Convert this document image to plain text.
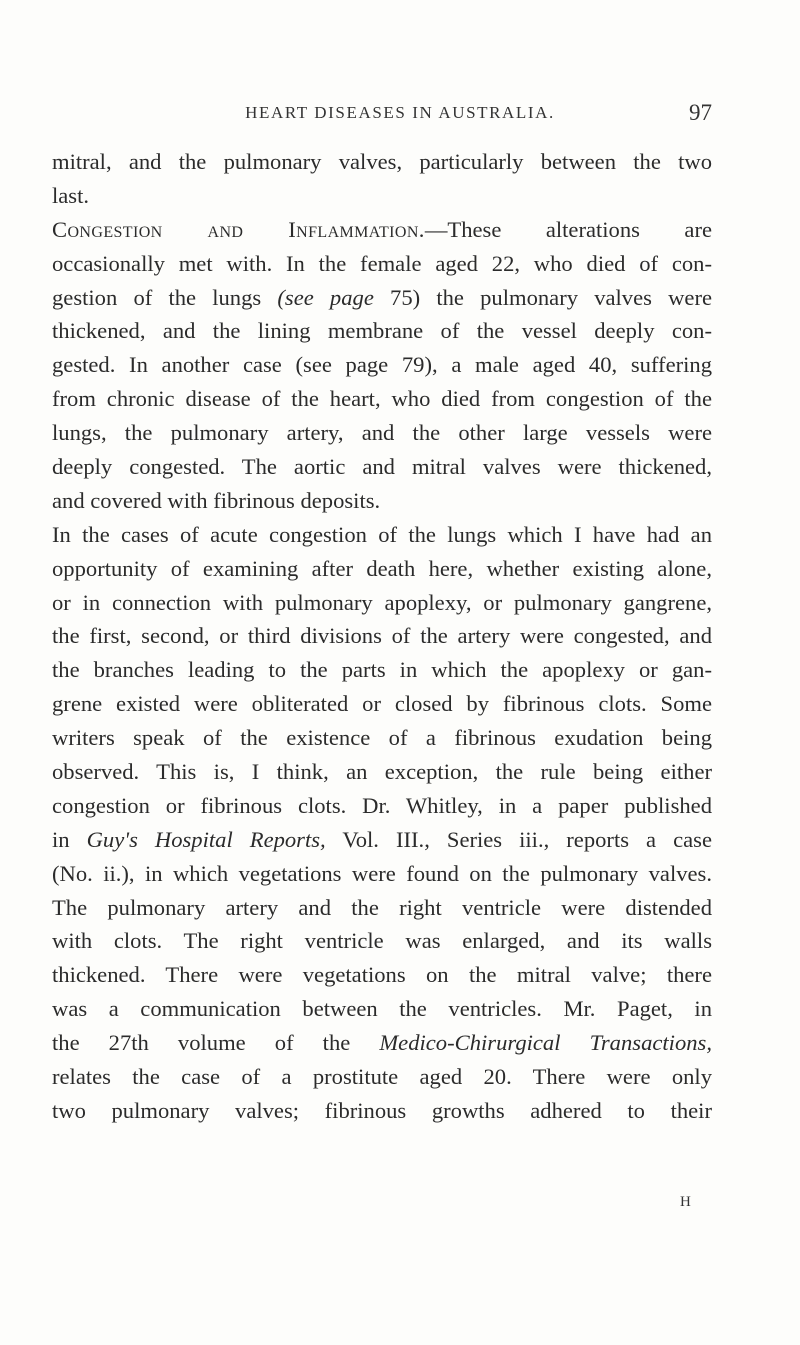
HEART DISEASES IN AUSTRALIA.	97
mitral, and the pulmonary valves, particularly between the two
last.
Congestion and Inflammation.—These alterations are
occasionally met with. In the female aged 22, who died of con-
gestion of the lungs (see page 75) the pulmonary valves were
thickened, and the lining membrane of the vessel deeply con-
gested. In another case (see page 79), a male aged 40, suffering
from chronic disease of the heart, who died from congestion of the
lungs, the pulmonary artery, and the other large vessels were
deeply congested. The aortic and mitral valves were thickened,
and covered with fibrinous deposits.
In the cases of acute congestion of the lungs which I have had an
opportunity of examining after death here, whether existing alone,
or in connection with pulmonary apoplexy, or pulmonary gangrene,
the first, second, or third divisions of the artery were congested, and
the branches leading to the parts in which the apoplexy or gan-
grene existed were obliterated or closed by fibrinous clots. Some
writers speak of the existence of a fibrinous exudation being
observed. This is, I think, an exception, the rule being either
congestion or fibrinous clots. Dr. Whitley, in a paper published
in Guy's Hospital Reports, Vol. III., Series iii., reports a case
(No. ii.), in which vegetations were found on the pulmonary valves.
The pulmonary artery and the right ventricle were distended
with clots. The right ventricle was enlarged, and its walls
thickened. There were vegetations on the mitral valve; there
was a communication between the ventricles. Mr. Paget, in
the 27th volume of the Medico-Chirurgical Transactions,
relates the case of a prostitute aged 20. There were only
two pulmonary valves; fibrinous growths adhered to their
H
